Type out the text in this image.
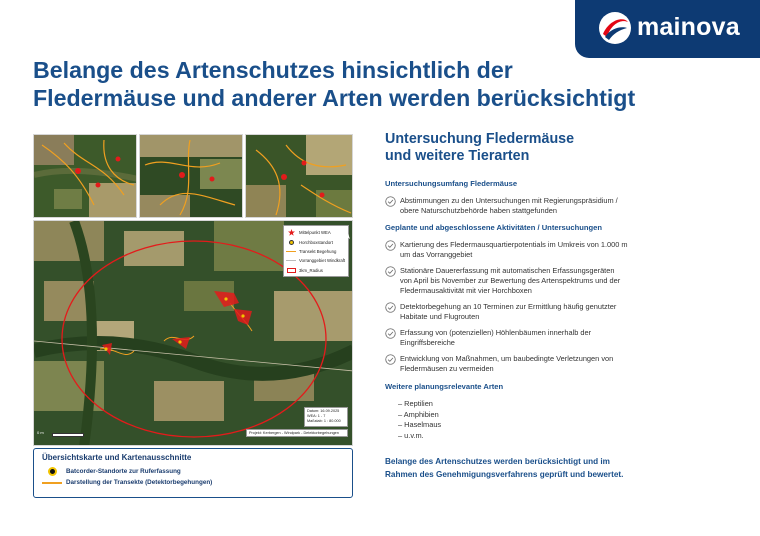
mainova
Belange des Artenschutzes hinsichtlich der
Fledermäuse und anderer Arten werden berücksichtigt
Mittelpunkt WEA
Horchboxstandort
Transekt Begehung
Vorranggebiet Windkraft
3km_Radius
Datum: 16.09.2025
WEA: 1 - 7
Maßstab: 1 : 80.000
Projekt: Kerbergen - Windpark - Detektorbegehungen
0 m
Übersichtskarte und Kartenausschnitte
Batcorder-Standorte zur Ruferfassung
Darstellung der Transekte (Detektorbegehungen)
Untersuchung Fledermäuse
und weitere Tierarten
Untersuchungsumfang Fledermäuse
Abstimmungen zu den Untersuchungen mit Regierungspräsidium /
obere Naturschutzbehörde haben stattgefunden
Geplante und abgeschlossene Aktivitäten / Untersuchungen
Kartierung des Fledermausquartierpotentials im Umkreis von 1.000 m
um das Vorranggebiet
Stationäre Dauererfassung mit automatischen Erfassungsgeräten
von April bis November zur Bewertung des Artenspektrums und der
Fledermausaktivität mit vier Horchboxen
Detektorbegehung an 10 Terminen zur Ermittlung häufig genutzter
Habitate und Flugrouten
Erfassung von (potenziellen) Höhlenbäumen innerhalb der
Eingriffsbereiche
Entwicklung von Maßnahmen, um baubedingte Verletzungen von
Fledermäusen zu vermeiden
Weitere planungsrelevante Arten
– Reptilien
– Amphibien
– Haselmaus
– u.v.m.
Belange des Artenschutzes werden berücksichtigt und im
Rahmen des Genehmigungsverfahrens geprüft und bewertet.
